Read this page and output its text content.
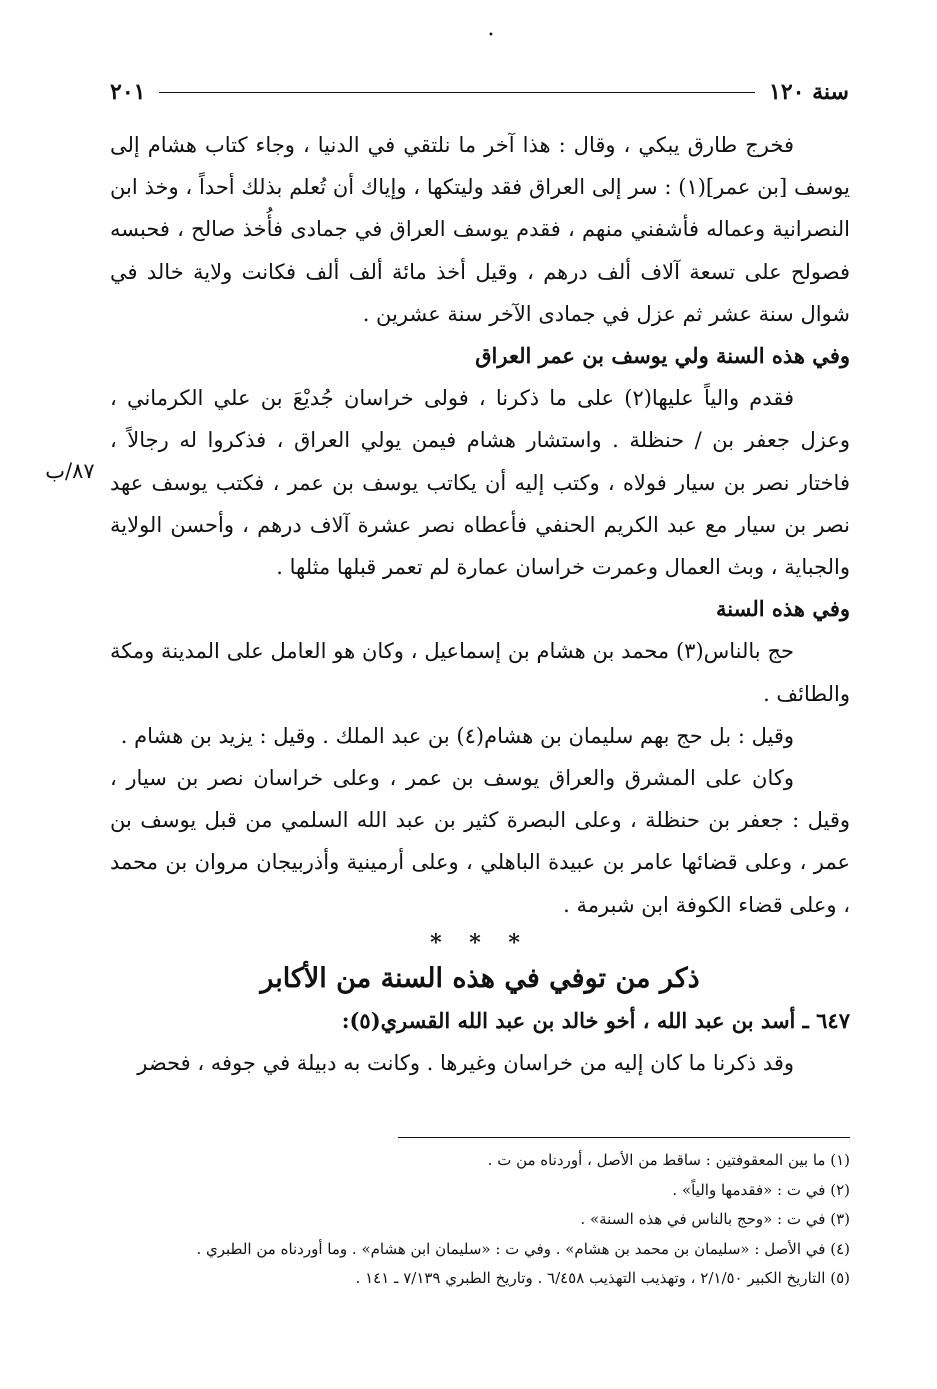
•
سنة ١٢٠
٢٠١
٨٧/ب

فخرج طارق يبكي ، وقال : هذا آخر ما نلتقي في الدنيا ، وجاء كتاب هشام إلى يوسف [بن عمر](١) : سر إلى العراق فقد وليتكها ، وإياك أن تُعلم بذلك أحداً ، وخذ ابن النصرانية وعماله فأشفني منهم ، فقدم يوسف العراق في جمادى فأُخذ صالح ، فحبسه فصولح على تسعة آلاف ألف درهم ، وقيل أخذ مائة ألف ألف فكانت ولاية خالد في شوال سنة عشر ثم عزل في جمادى الآخر سنة عشرين .

وفي هذه السنة ولي يوسف بن عمر العراق

فقدم والياً عليها(٢) على ما ذكرنا ، فولى خراسان جُديْعَ بن علي الكرماني ، وعزل جعفر بن / حنظلة . واستشار هشام فيمن يولي العراق ، فذكروا له رجالاً ، فاختار نصر بن سيار فولاه ، وكتب إليه أن يكاتب يوسف بن عمر ، فكتب يوسف عهد نصر بن سيار مع عبد الكريم الحنفي فأعطاه نصر عشرة آلاف درهم ، وأحسن الولاية والجباية ، وبث العمال وعمرت خراسان عمارة لم تعمر قبلها مثلها .

وفي هذه السنة

حج بالناس(٣) محمد بن هشام بن إسماعيل ، وكان هو العامل على المدينة ومكة والطائف .

وقيل : بل حج بهم سليمان بن هشام(٤) بن عبد الملك . وقيل : يزيد بن هشام .

وكان على المشرق والعراق يوسف بن عمر ، وعلى خراسان نصر بن سيار ، وقيل : جعفر بن حنظلة ، وعلى البصرة كثير بن عبد الله السلمي من قبل يوسف بن عمر ، وعلى قضائها عامر بن عبيدة الباهلي ، وعلى أرمينية وأذربيجان مروان بن محمد ، وعلى قضاء الكوفة ابن شبرمة .

* * *
ذكر من توفي في هذه السنة من الأكابر

٦٤٧ ـ أسد بن عبد الله ، أخو خالد بن عبد الله القسري(٥):

وقد ذكرنا ما كان إليه من خراسان وغيرها . وكانت به دبيلة في جوفه ، فحضر

(١) ما بين المعقوفتين : ساقط من الأصل ، أوردناه من ت .
(٢) في ت : «فقدمها والياً» .
(٣) في ت : «وحج بالناس في هذه السنة» .
(٤) في الأصل : «سليمان بن محمد بن هشام» . وفي ت : «سليمان ابن هشام» . وما أوردناه من الطبري .
(٥) التاريخ الكبير ٢/١/٥٠ ، وتهذيب التهذيب ٦/٤٥٨ . وتاريخ الطبري ٧/١٣٩ ـ ١٤١ .
